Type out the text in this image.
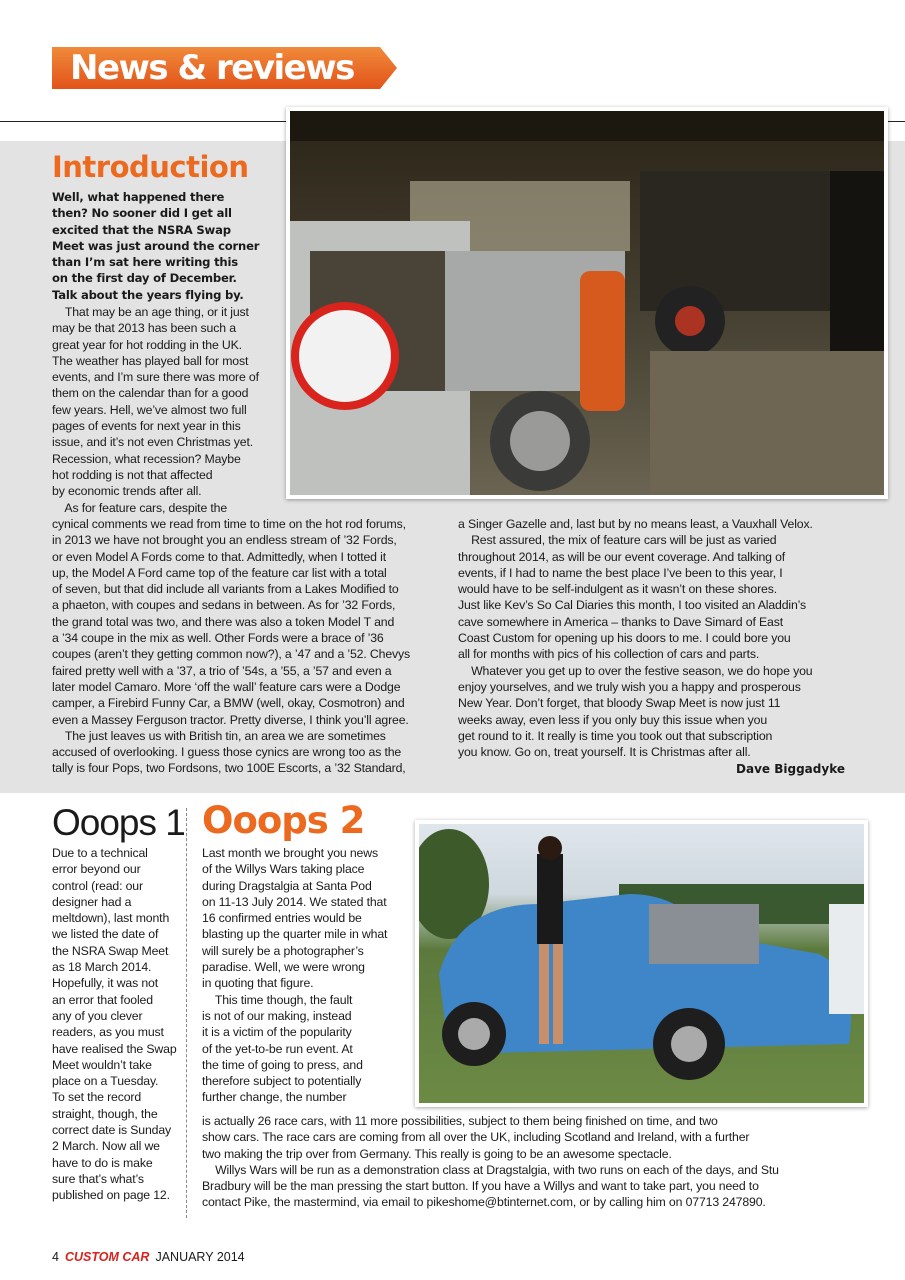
News & reviews
Introduction
Well, what happened there
then? No sooner did I get all
excited that the NSRA Swap
Meet was just around the corner
than I’m sat here writing this
on the first day of December.
Talk about the years flying by.
That may be an age thing, or it just
may be that 2013 has been such a
great year for hot rodding in the UK.
The weather has played ball for most
events, and I’m sure there was more of
them on the calendar than for a good
few years. Hell, we’ve almost two full
pages of events for next year in this
issue, and it’s not even Christmas yet.
Recession, what recession? Maybe
hot rodding is not that affected
by economic trends after all.
As for feature cars, despite the
cynical comments we read from time to time on the hot rod forums,
in 2013 we have not brought you an endless stream of ’32 Fords,
or even Model A Fords come to that. Admittedly, when I totted it
up, the Model A Ford came top of the feature car list with a total
of seven, but that did include all variants from a Lakes Modified to
a phaeton, with coupes and sedans in between. As for ’32 Fords,
the grand total was two, and there was also a token Model T and
a ’34 coupe in the mix as well. Other Fords were a brace of ’36
coupes (aren’t they getting common now?), a ’47 and a ’52. Chevys
faired pretty well with a ’37, a trio of ’54s, a ’55, a ’57 and even a
later model Camaro. More ‘off the wall’ feature cars were a Dodge
camper, a Firebird Funny Car, a BMW (well, okay, Cosmotron) and
even a Massey Ferguson tractor. Pretty diverse, I think you’ll agree.
The just leaves us with British tin, an area we are sometimes
accused of overlooking. I guess those cynics are wrong too as the
tally is four Pops, two Fordsons, two 100E Escorts, a ’32 Standard,
a Singer Gazelle and, last but by no means least, a Vauxhall Velox.
Rest assured, the mix of feature cars will be just as varied
throughout 2014, as will be our event coverage. And talking of
events, if I had to name the best place I’ve been to this year, I
would have to be self-indulgent as it wasn’t on these shores.
Just like Kev’s So Cal Diaries this month, I too visited an Aladdin’s
cave somewhere in America – thanks to Dave Simard of East
Coast Custom for opening up his doors to me. I could bore you
all for months with pics of his collection of cars and parts.
Whatever you get up to over the festive season, we do hope you
enjoy yourselves, and we truly wish you a happy and prosperous
New Year. Don’t forget, that bloody Swap Meet is now just 11
weeks away, even less if you only buy this issue when you
get round to it. It really is time you took out that subscription
you know. Go on, treat yourself. It is Christmas after all.
Dave Biggadyke
Ooops 1
Due to a technical
error beyond our
control (read: our
designer had a
meltdown), last month
we listed the date of
the NSRA Swap Meet
as 18 March 2014.
Hopefully, it was not
an error that fooled
any of you clever
readers, as you must
have realised the Swap
Meet wouldn’t take
place on a Tuesday.
To set the record
straight, though, the
correct date is Sunday
2 March. Now all we
have to do is make
sure that’s what’s
published on page 12.
Ooops 2
Last month we brought you news
of the Willys Wars taking place
during Dragstalgia at Santa Pod
on 11-13 July 2014. We stated that
16 confirmed entries would be
blasting up the quarter mile in what
will surely be a photographer’s
paradise. Well, we were wrong
in quoting that figure.
This time though, the fault
is not of our making, instead
it is a victim of the popularity
of the yet-to-be run event. At
the time of going to press, and
therefore subject to potentially
further change, the number
is actually 26 race cars, with 11 more possibilities, subject to them being finished on time, and two
show cars. The race cars are coming from all over the UK, including Scotland and Ireland, with a further
two making the trip over from Germany. This really is going to be an awesome spectacle.
Willys Wars will be run as a demonstration class at Dragstalgia, with two runs on each of the days, and Stu
Bradbury will be the man pressing the start button. If you have a Willys and want to take part, you need to
contact Pike, the mastermind, via email to pikeshome@btinternet.com, or by calling him on 07713 247890.
4 CUSTOM CAR JANUARY 2014
